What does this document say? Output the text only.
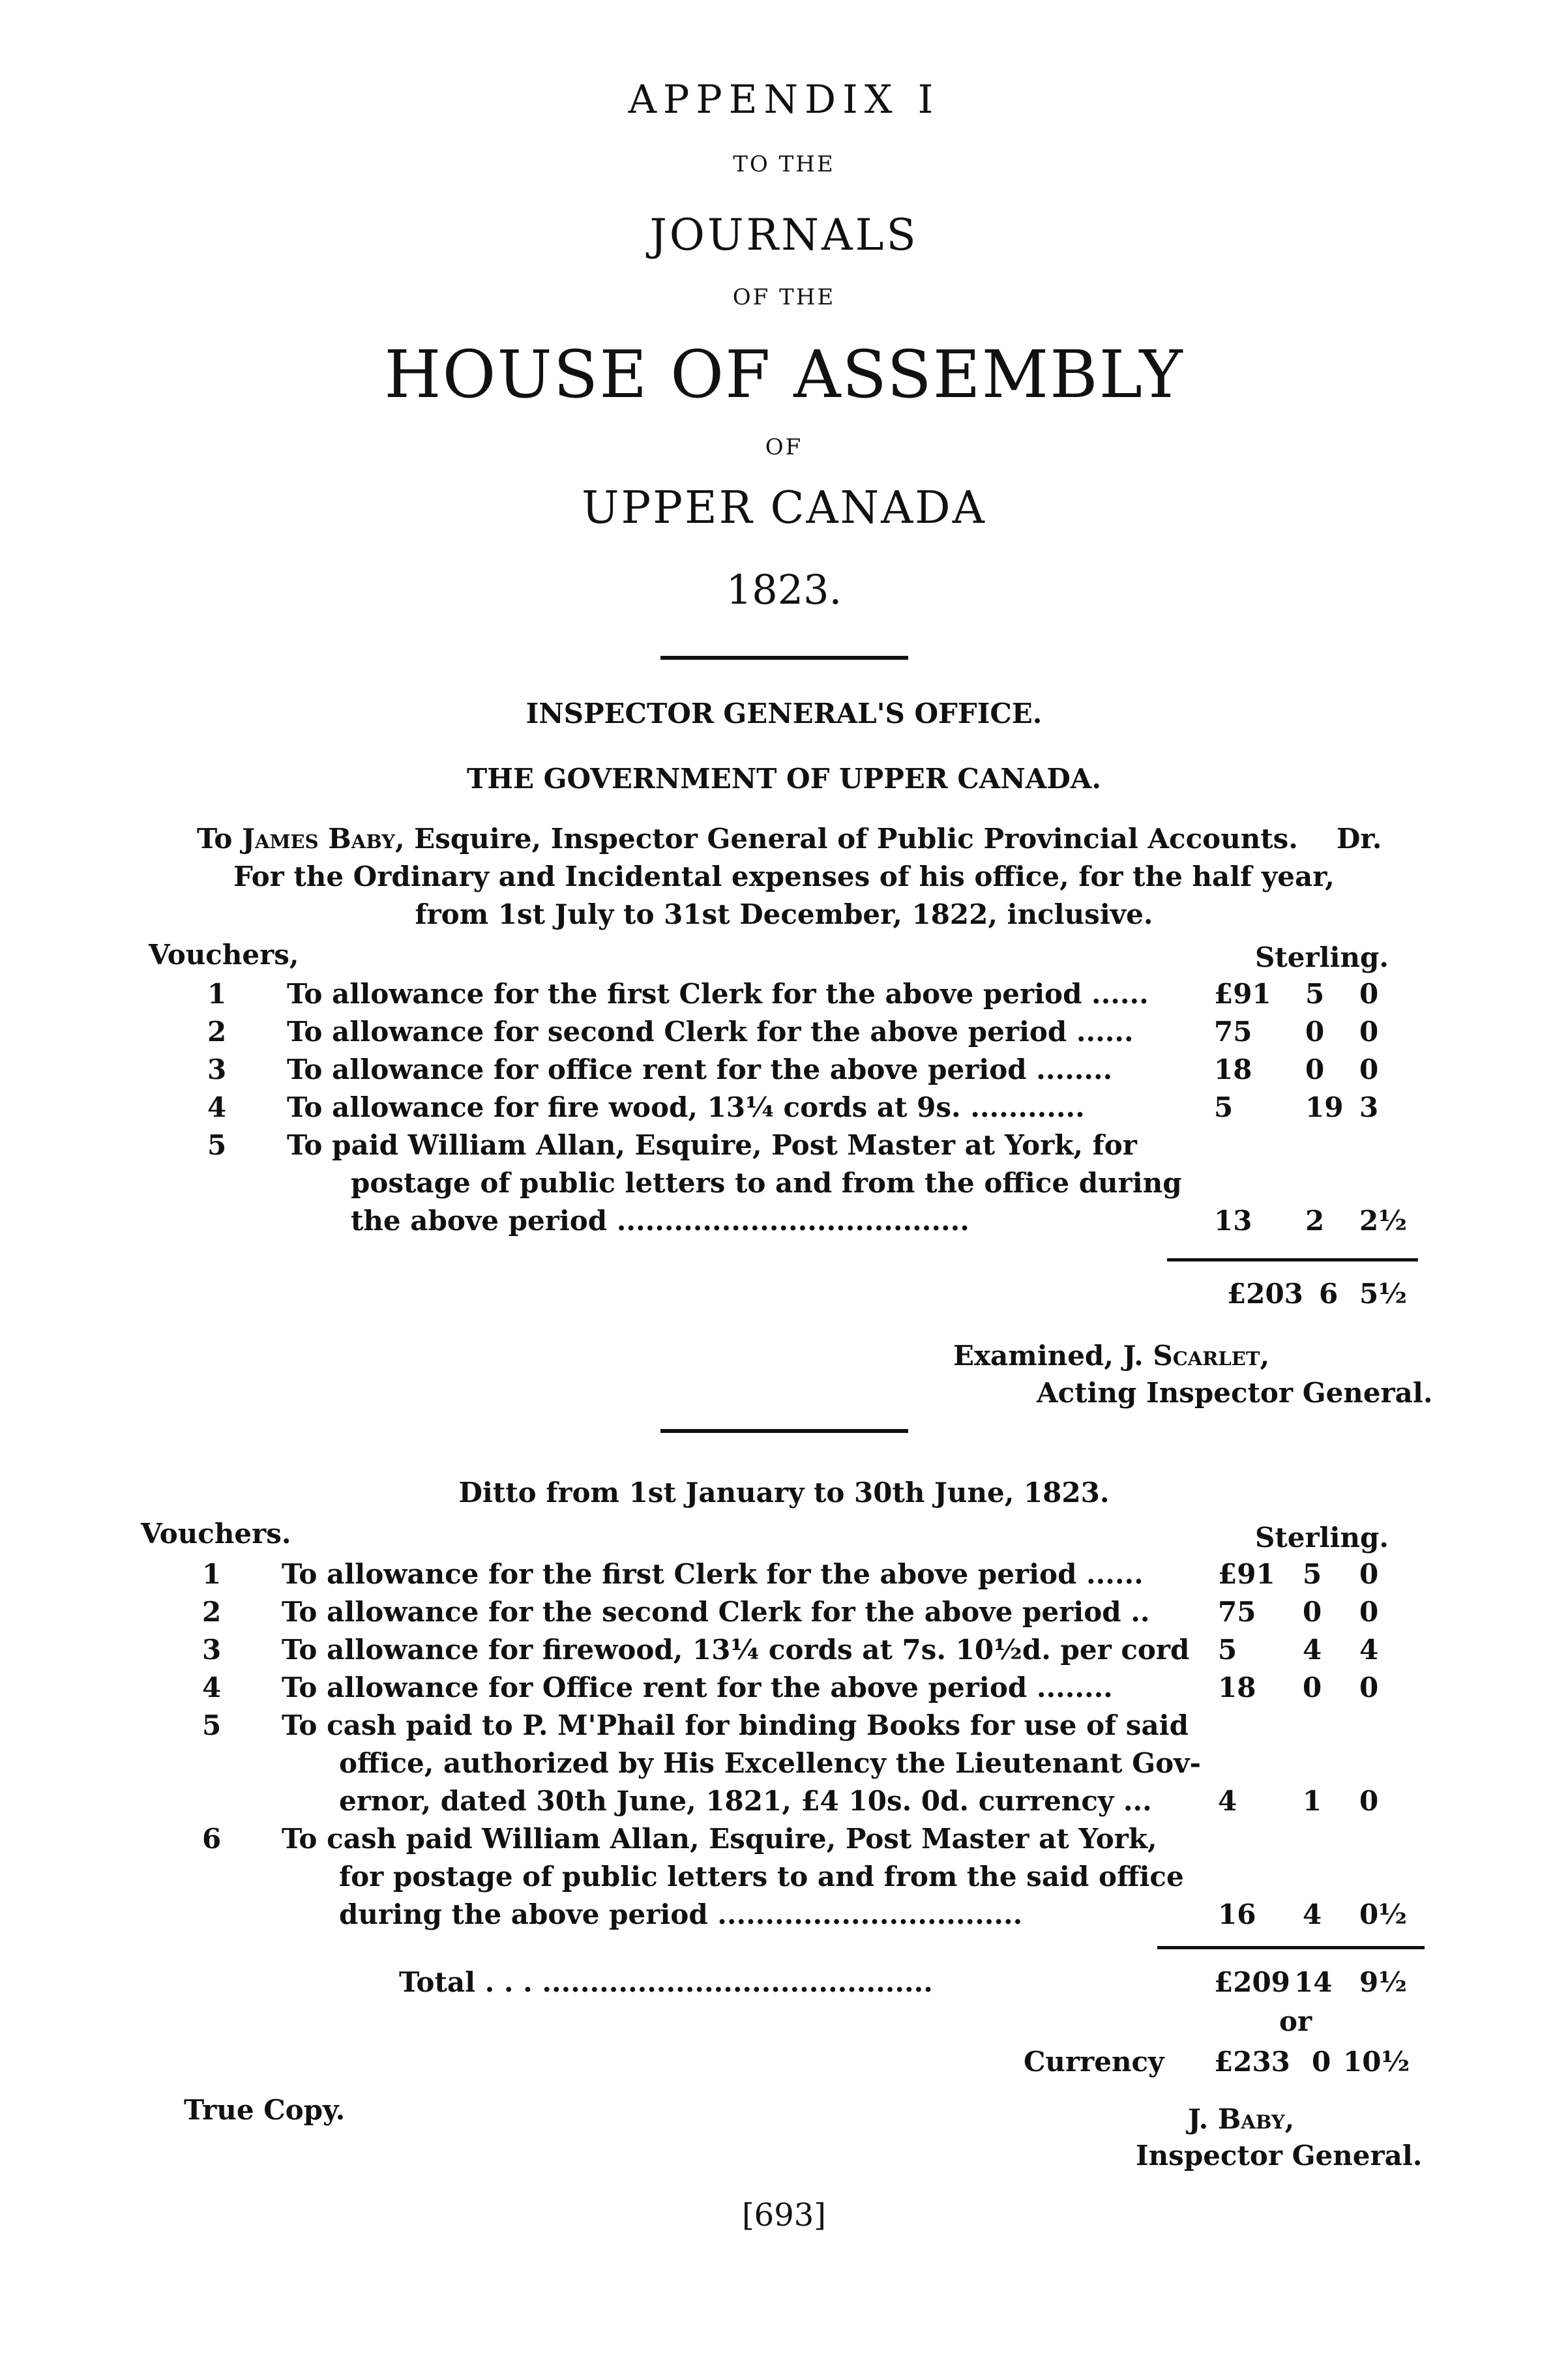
APPENDIX I
TO THE
JOURNALS
OF THE
HOUSE OF ASSEMBLY
OF
UPPER CANADA
1823.
INSPECTOR GENERAL'S OFFICE.
THE GOVERNMENT OF UPPER CANADA.
To James Baby, Esquire, Inspector General of Public Provincial Accounts. Dr.
For the Ordinary and Incidental expenses of his office, for the half year,
from 1st July to 31st December, 1822, inclusive.
Vouchers,	Sterling.
1 To allowance for the first Clerk for the above period ...... £91 5 0
2 To allowance for second Clerk for the above period ......	75 0 0
3 To allowance for office rent for the above period ........	18 0 0
4 To allowance for fire wood, 13¼ cords at 9s. ............	5	19 3
5 To paid William Allan, Esquire, Post Master at York, for
postage of public letters to and from the office during
the above period .....................................	13 2 2½
£203 6 5½
Examined, J. Scarlet,
Acting Inspector General.
Ditto from 1st January to 30th June, 1823.
Vouchers.	Sterling.
1 To allowance for the first Clerk for the above period ......	£91 5 0
2 To allowance for the second Clerk for the above period .. 75 0 0
3 To allowance for firewood, 13¼ cords at 7s. 10½d. per cord 5 4 4
4 To allowance for Office rent for the above period ........	18 0 0
5 To cash paid to P. M'Phail for binding Books for use of said
office, authorized by His Excellency the Lieutenant Gov-
ernor, dated 30th June, 1821, £4 10s. 0d. currency ... 4 1 0
6 To cash paid William Allan, Esquire, Post Master at York,
for postage of public letters to and from the said office
during the above period ................................	16 4 0½
Total . . . .........................................	£209 14 9½
or
Currency £233 0 10½
True Copy.	J. Baby,
Inspector General.
[693]
